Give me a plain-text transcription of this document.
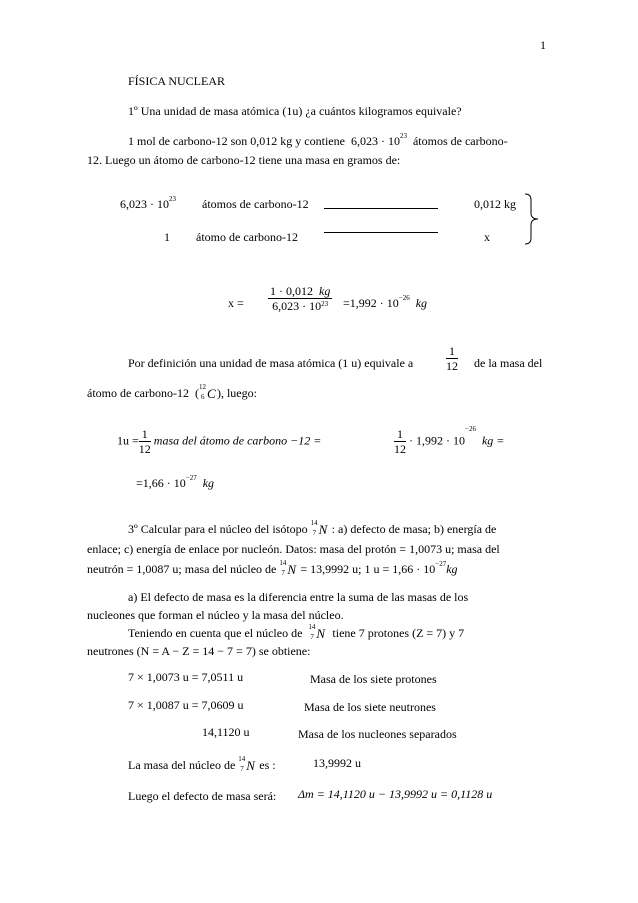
1
FÍSICA NUCLEAR
1º Una unidad de masa atómica (1u) ¿a cuántos kilogramos equivale?
1 mol de carbono-12 son 0,012 kg y contiene $6,023 \cdot 10^{23}$ átomos de carbono-
12. Luego un átomo de carbono-12 tiene una masa en gramos de:
$6,023 \cdot 10^{23}$ átomos de carbono-12	0,012 kg
1 átomo de carbono-12	x
$x = \frac{1 \cdot 0,012 kg}{6,023 \cdot 10^{23}} =1,992 \cdot 10^{-26}$ kg
Por definición una unidad de masa atómica (1 u) equivale a	$\frac{1}{12}$ de la masa del
átomo de carbono-12  ( 12
6 C ), luego:
$1u = \frac{1}{12}$ masa del átomo de carbono −12 =	$\frac{1}{12} \cdot 1,992 \cdot 10^{-26}$  kg =
$=1,66 \cdot 10^{-27}$ kg
3º Calcular para el núcleo del isótopo 14
7 N : a) defecto de masa; b) energía de
enlace; c) energía de enlace por nucleón. Datos: masa del protón = 1,0073 u; masa del
neutrón = 1,0087 u; masa del núcleo de 14
7 N = 13,9992 u; 1 $u = 1,66 \cdot 10^{-27}kg$
a) El defecto de masa es la diferencia entre la suma de las masas de los
nucleones que forman el núcleo y la masa del núcleo.
Teniendo en cuenta que el núcleo de 14
7 N tiene 7 protones (Z = 7) y 7
neutrones (N = A − Z = 14 − 7 = 7) se obtiene:
7 × 1,0073 u = 7,0511 u	Masa de los siete protones
7 × 1,0087 u = 7,0609 u	Masa de los siete neutrones
14,1120 u	Masa de los nucleones separados
La masa del núcleo de 14
7 N es :	13,9992 u
Luego el defecto de masa será: Δm = 14,1120 u − 13,9992 u = 0,1128 u
